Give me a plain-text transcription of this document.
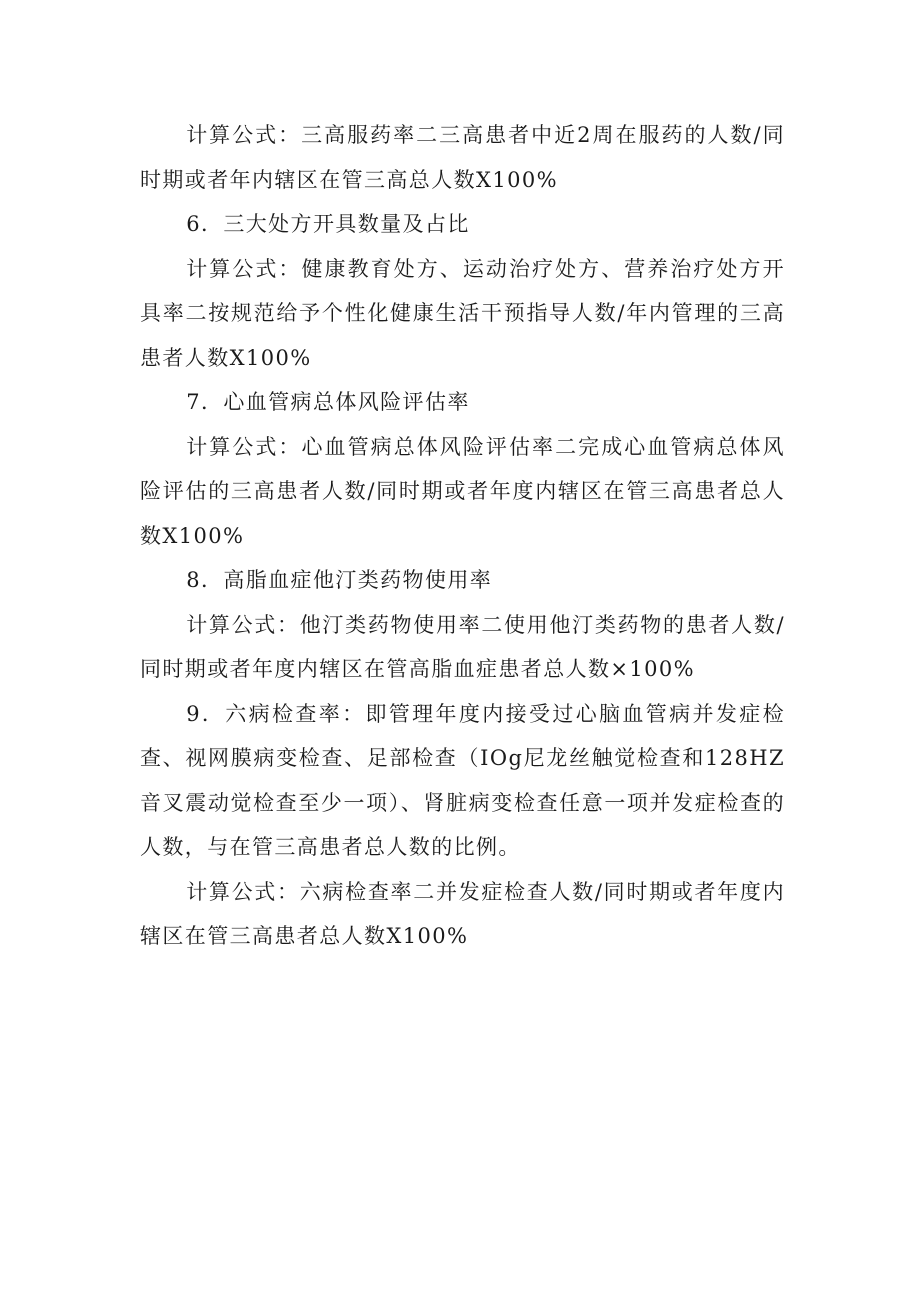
计算公式：三高服药率二三高患者中近2周在服药的人数/同时期或者年内辖区在管三高总人数X100%

6．三大处方开具数量及占比

计算公式：健康教育处方、运动治疗处方、营养治疗处方开具率二按规范给予个性化健康生活干预指导人数/年内管理的三高患者人数X100%

7．心血管病总体风险评估率

计算公式：心血管病总体风险评估率二完成心血管病总体风险评估的三高患者人数/同时期或者年度内辖区在管三高患者总人数X100%

8．高脂血症他汀类药物使用率

计算公式：他汀类药物使用率二使用他汀类药物的患者人数/同时期或者年度内辖区在管高脂血症患者总人数×100%

9．六病检查率：即管理年度内接受过心脑血管病并发症检查、视网膜病变检查、足部检查（IOg尼龙丝触觉检查和128HZ音叉震动觉检查至少一项）、肾脏病变检查任意一项并发症检查的人数，与在管三高患者总人数的比例。

计算公式：六病检查率二并发症检查人数/同时期或者年度内辖区在管三高患者总人数X100%
